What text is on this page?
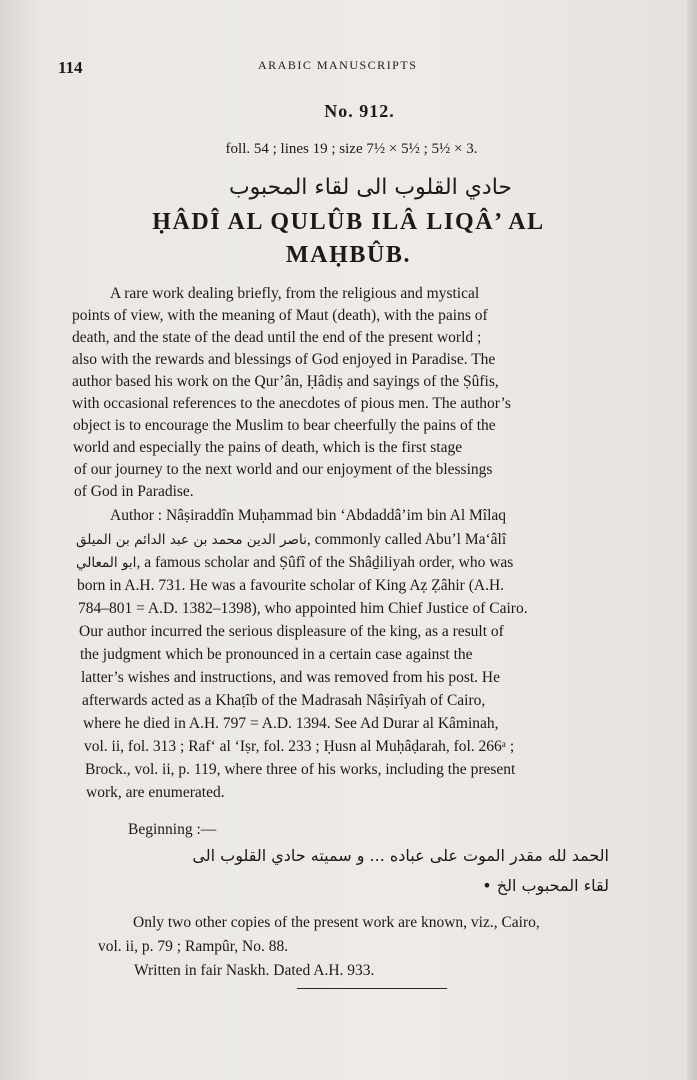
114	ARABIC MANUSCRIPTS
No. 912.
foll. 54 ; lines 19 ; size 7½ × 5½ ; 5½ × 3.
حادي القلوب الى لقاء المحبوب
ḤÂDÎ AL QULÛB ILÂ LIQÂ’ AL
MAḤBÛB.
A rare work dealing briefly, from the religious and mystical
points of view, with the meaning of Maut (death), with the pains of
death, and the state of the dead until the end of the present world ;
also with the rewards and blessings of God enjoyed in Paradise. The
author based his work on the Qur’ân, Ḥâdiṣ and sayings of the Ṣûfis,
with occasional references to the anecdotes of pious men. The author’s
object is to encourage the Muslim to bear cheerfully the pains of the
world and especially the pains of death, which is the first stage
of our journey to the next world and our enjoyment of the blessings
of God in Paradise.
Author : Nâṣiraddîn Muḥammad bin ‘Abdaddâ’im bin Al Mîlaq
ناصر الدين محمد بن عبد الدائم بن الميلق, commonly called Abu’l Ma‘âlî
ابو المعالي, a famous scholar and Ṣûfî of the Shâḏiliyah order, who was
born in A.H. 731. He was a favourite scholar of King Aẓ Ẓâhir (A.H.
784–801 = A.D. 1382–1398), who appointed him Chief Justice of Cairo.
Our author incurred the serious displeasure of the king, as a result of
the judgment which be pronounced in a certain case against the
latter’s wishes and instructions, and was removed from his post. He
afterwards acted as a Khaṭîb of the Madrasah Nâṣirîyah of Cairo,
where he died in A.H. 797 = A.D. 1394. See Ad Durar al Kâminah,
vol. ii, fol. 313 ; Raf‘ al ‘Iṣr, fol. 233 ; Ḥusn al Muḥâḍarah, fol. 266ᵃ ;
Brock., vol. ii, p. 119, where three of his works, including the present
work, are enumerated.
Beginning :—
الحمد لله مقدر الموت على عباده ... و سميته حادي القلوب الى
لقاء المحبوب الخ •
Only two other copies of the present work are known, viz., Cairo,
vol. ii, p. 79 ; Rampûr, No. 88.
Written in fair Naskh. Dated A.H. 933.
